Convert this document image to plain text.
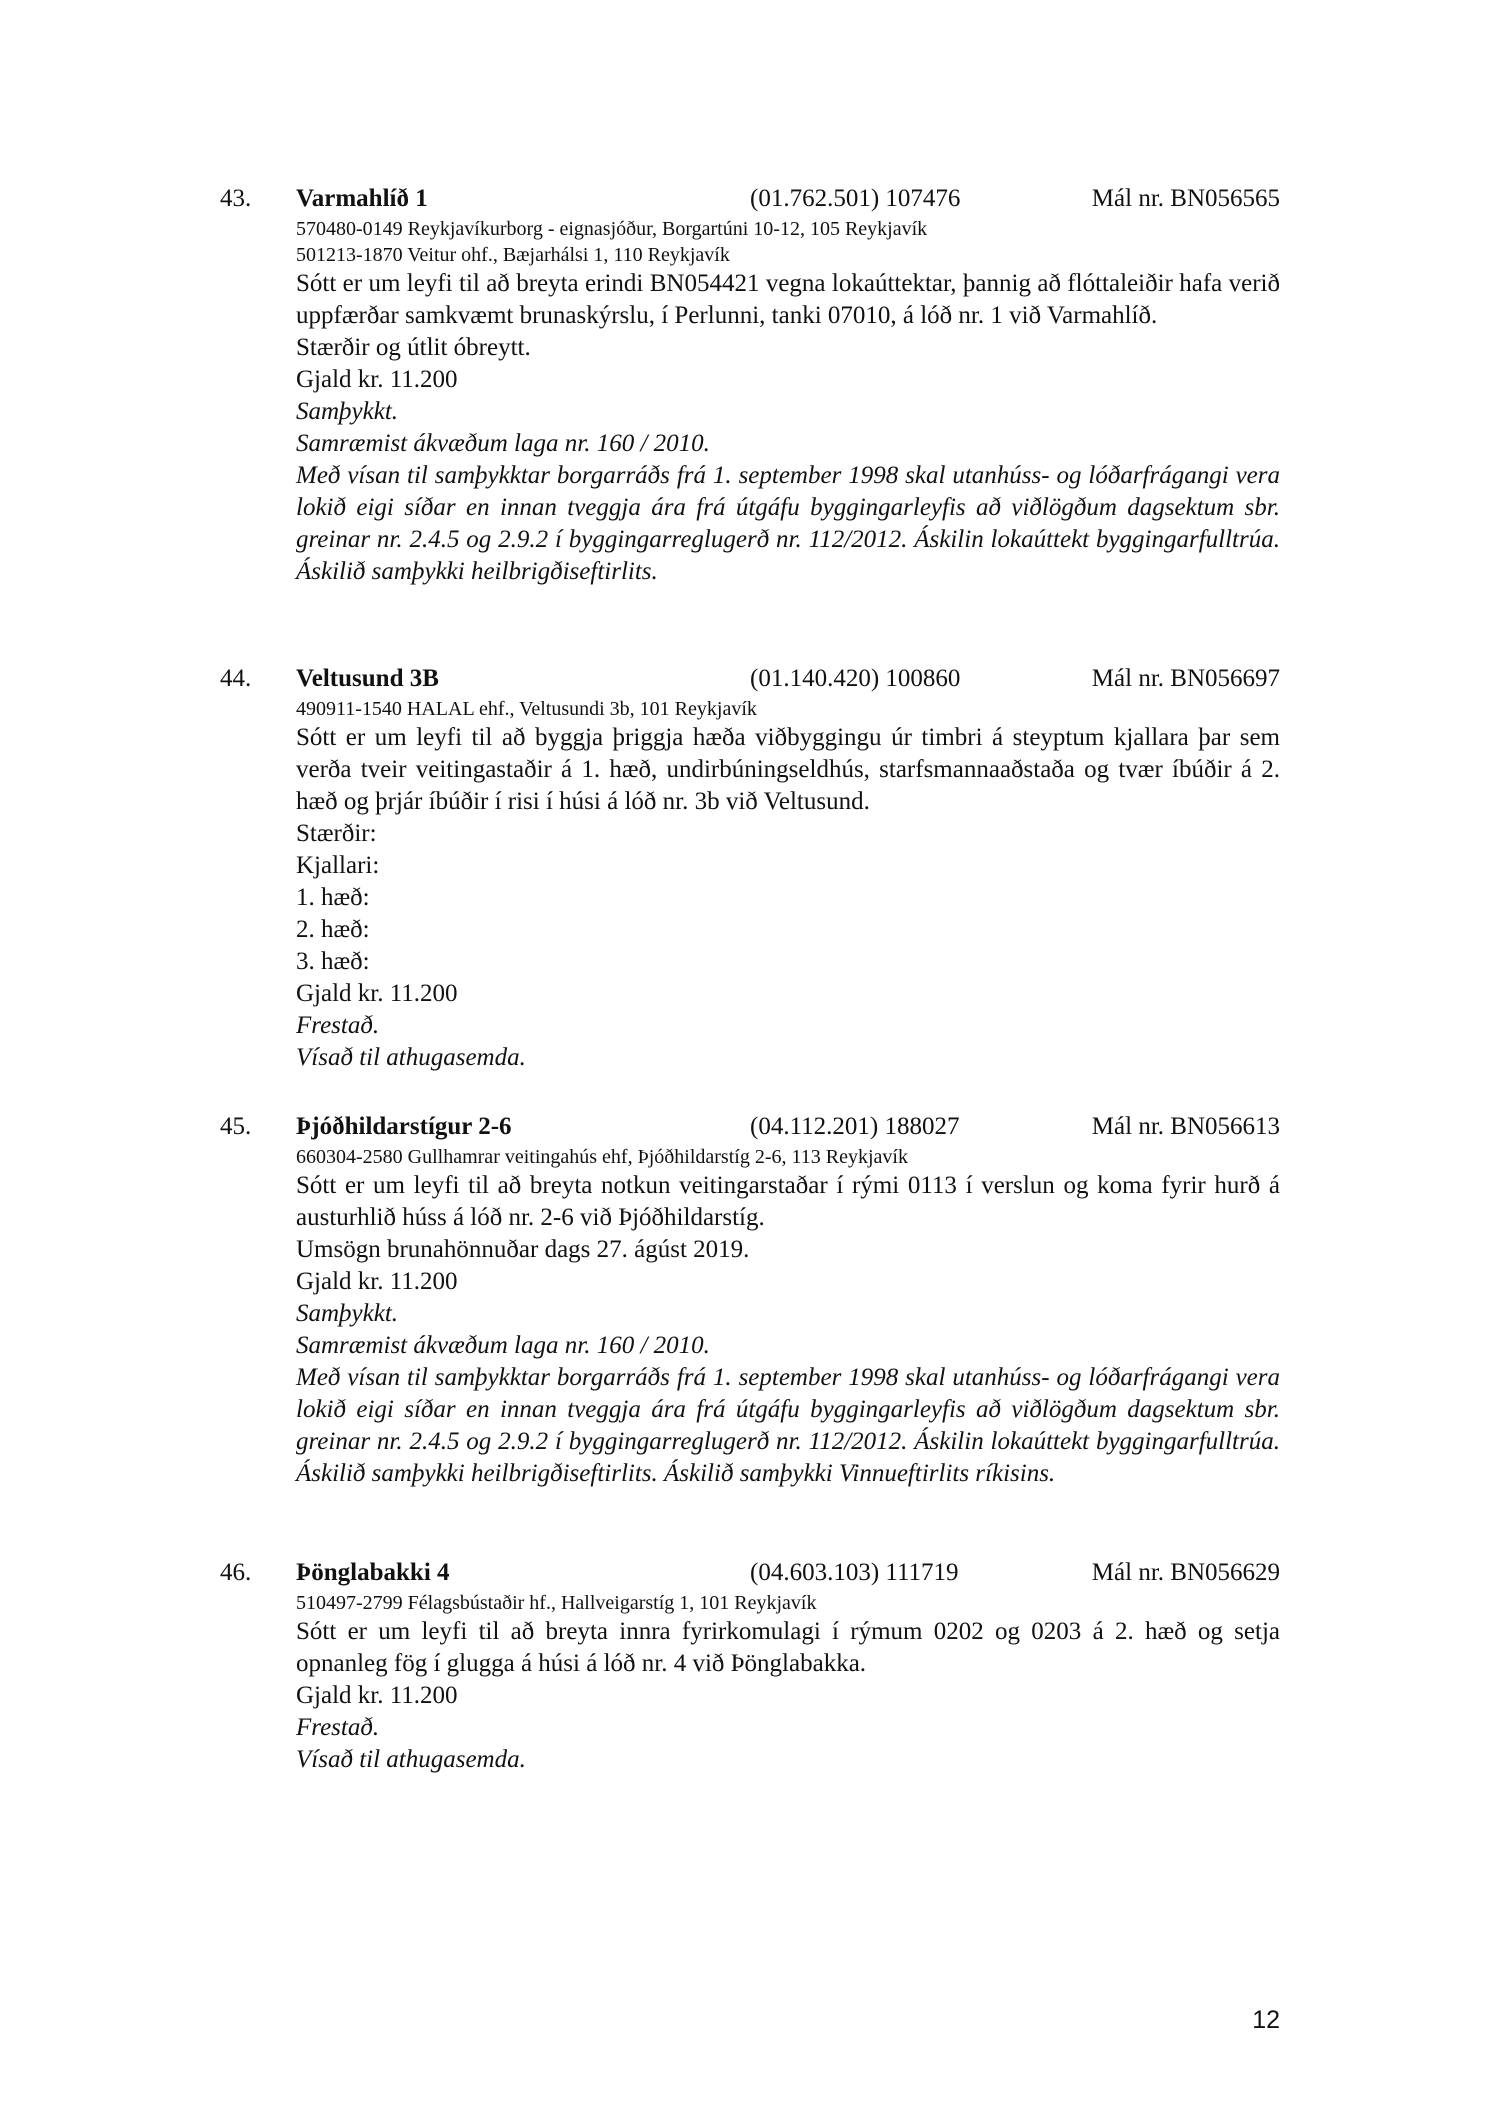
43. Varmahlíð 1	(01.762.501) 107476	Mál nr. BN056565
570480-0149 Reykjavíkurborg - eignasjóður, Borgartúni 10-12, 105 Reykjavík
501213-1870 Veitur ohf., Bæjarhálsi 1, 110 Reykjavík
Sótt er um leyfi til að breyta erindi BN054421 vegna lokaúttektar, þannig að flóttaleiðir hafa verið uppfærðar samkvæmt brunaskýrslu, í Perlunni, tanki 07010, á lóð nr. 1 við Varmahlíð.
Stærðir og útlit óbreytt.
Gjald kr. 11.200
Samþykkt.
Samræmist ákvæðum laga nr. 160 / 2010.
Með vísan til samþykktar borgarráðs frá 1. september 1998 skal utanhúss- og lóðarfrágangi vera lokið eigi síðar en innan tveggja ára frá útgáfu byggingarleyfis að viðlögðum dagsektum sbr. greinar nr. 2.4.5 og 2.9.2 í byggingarreglugerð nr. 112/2012. Áskilin lokaúttekt byggingarfulltrúa. Áskilið samþykki heilbrigðiseftirlits.
44. Veltusund 3B	(01.140.420) 100860	Mál nr. BN056697
490911-1540 HALAL ehf., Veltusundi 3b, 101 Reykjavík
Sótt er um leyfi til að byggja þriggja hæða viðbyggingu úr timbri á steyptum kjallara þar sem verða tveir veitingastaðir á 1. hæð, undirbúningseldhús, starfsmannaaðstaða og tvær íbúðir á 2. hæð og þrjár íbúðir í risi í húsi á lóð nr. 3b við Veltusund.
Stærðir:
Kjallari:
1. hæð:
2. hæð:
3. hæð:
Gjald kr. 11.200
Frestað.
Vísað til athugasemda.
45. Þjóðhildarstígur 2-6	(04.112.201) 188027	Mál nr. BN056613
660304-2580 Gullhamrar veitingahús ehf, Þjóðhildarstíg 2-6, 113 Reykjavík
Sótt er um leyfi til að breyta notkun veitingarstaðar í rými 0113 í verslun og koma fyrir hurð á austurhlið húss á lóð nr. 2-6 við Þjóðhildarstíg.
Umsögn brunahönnuðar dags 27. ágúst 2019.
Gjald kr. 11.200
Samþykkt.
Samræmist ákvæðum laga nr. 160 / 2010.
Með vísan til samþykktar borgarráðs frá 1. september 1998 skal utanhúss- og lóðarfrágangi vera lokið eigi síðar en innan tveggja ára frá útgáfu byggingarleyfis að viðlögðum dagsektum sbr. greinar nr. 2.4.5 og 2.9.2 í byggingarreglugerð nr. 112/2012. Áskilin lokaúttekt byggingarfulltrúa. Áskilið samþykki heilbrigðiseftirlits. Áskilið samþykki Vinnueftirlits ríkisins.
46. Þönglabakki 4	(04.603.103) 111719	Mál nr. BN056629
510497-2799 Félagsbústaðir hf., Hallveigarstíg 1, 101 Reykjavík
Sótt er um leyfi til að breyta innra fyrirkomulagi í rýmum 0202 og 0203 á 2. hæð og setja opnanleg fög í glugga á húsi á lóð nr. 4 við Þönglabakka.
Gjald kr. 11.200
Frestað.
Vísað til athugasemda.
12
